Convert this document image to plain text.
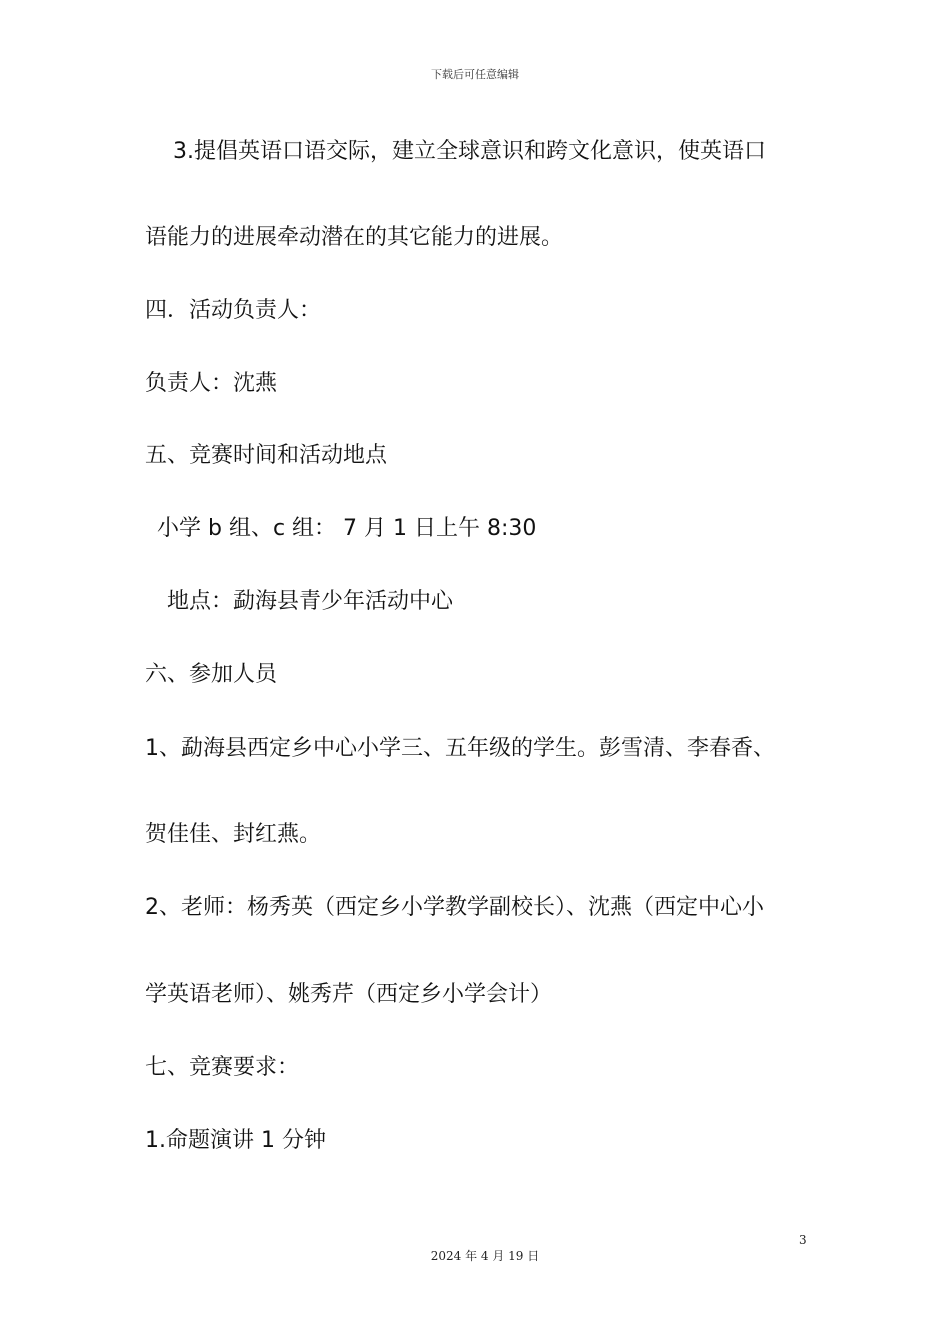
下载后可任意编辑
3.提倡英语口语交际，建立全球意识和跨文化意识，使英语口
语能力的进展牵动潜在的其它能力的进展。
四．活动负责人：
负责人：沈燕
五、竞赛时间和活动地点
小学 b 组、c 组： 7 月 1 日上午 8:30
地点：勐海县青少年活动中心
六、参加人员
1、勐海县西定乡中心小学三、五年级的学生。彭雪清、李春香、
贺佳佳、封红燕。
2、老师：杨秀英（西定乡小学教学副校长）、沈燕（西定中心小
学英语老师）、姚秀芹（西定乡小学会计）
七、竞赛要求：
1.命题演讲 1 分钟
3
2024 年 4 月 19 日
